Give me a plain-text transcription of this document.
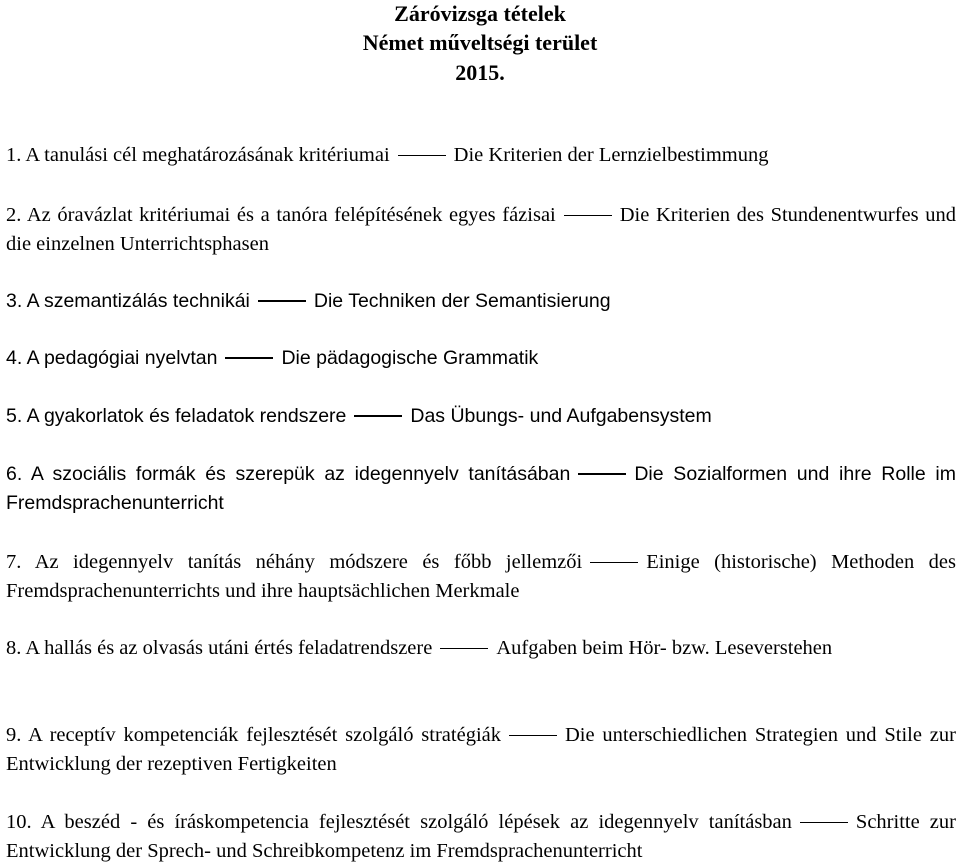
Záróvizsga tételek
Német műveltségi terület
2015.
1. A tanulási cél meghatározásának kritériumai	Die Kriterien der Lernzielbestimmung
2. Az óravázlat kritériumai és a tanóra felépítésének egyes fázisai	Die Kriterien des Stundenentwurfes und die einzelnen Unterrichtsphasen
3. A szemantizálás technikái	Die Techniken der Semantisierung
4. A pedagógiai nyelvtan	Die pädagogische Grammatik
5. A gyakorlatok és feladatok rendszere	Das Übungs- und Aufgabensystem
6. A szociális formák és szerepük az idegennyelv tanításában	Die Sozialformen und ihre Rolle im Fremdsprachenunterricht
7. Az idegennyelv tanítás néhány módszere és főbb jellemzői	Einige (historische) Methoden des Fremdsprachenunterrichts und ihre hauptsächlichen Merkmale
8. A hallás és az olvasás utáni értés feladatrendszere	Aufgaben beim Hör- bzw. Leseverstehen
9. A receptív kompetenciák fejlesztését szolgáló stratégiák	Die unterschiedlichen Strategien und Stile zur Entwicklung der rezeptiven Fertigkeiten
10. A beszéd - és íráskompetencia fejlesztését szolgáló lépések az idegennyelv tanításban	Schritte zur Entwicklung der Sprech- und Schreibkompetenz im Fremdsprachenunterricht
